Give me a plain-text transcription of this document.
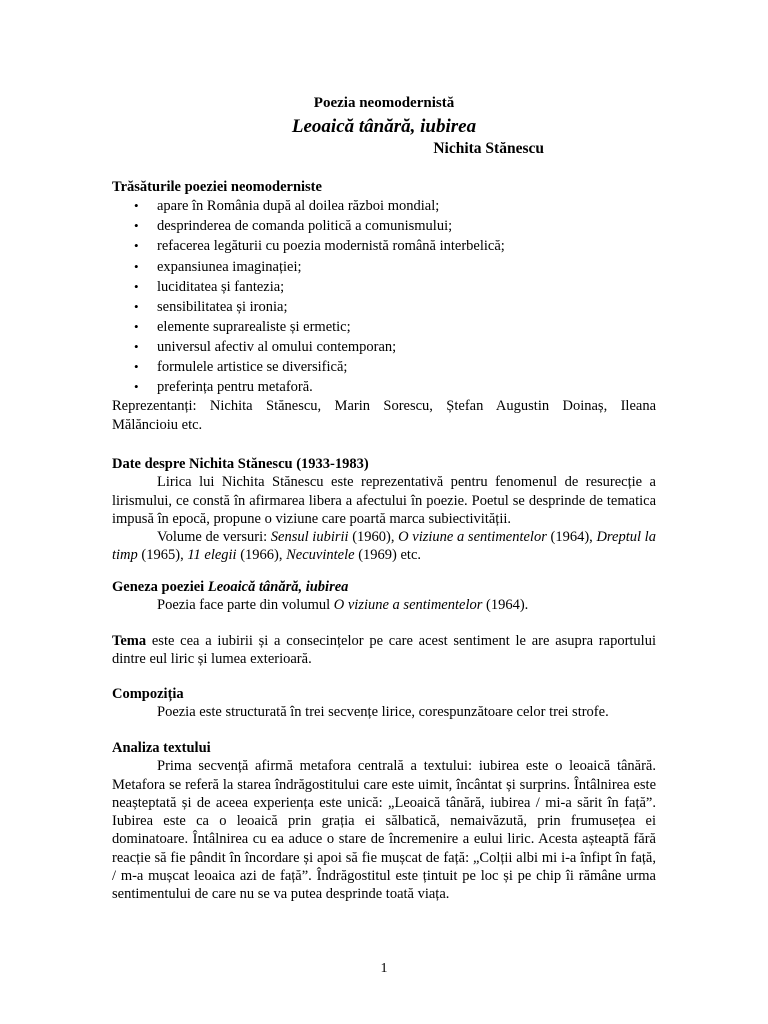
Poezia neomodernistă
Leoaică tânără, iubirea
Nichita Stănescu
Trăsăturile poeziei neomoderniste
• apare în România după al doilea război mondial;
• desprinderea de comanda politică a comunismului;
• refacerea legăturii cu poezia modernistă română interbelică;
• expansiunea imaginației;
• luciditatea și fantezia;
• sensibilitatea și ironia;
• elemente suprarealiste și ermetic;
• universul afectiv al omului contemporan;
• formulele artistice se diversifică;
• preferința pentru metaforă.
Reprezentanți: Nichita Stănescu, Marin Sorescu, Ștefan Augustin Doinaș, Ileana
Mălăncioiu etc.
Date despre Nichita Stănescu (1933-1983)

Lirica lui Nichita Stănescu este reprezentativă pentru fenomenul de resurecție a lirismului, ce constă în afirmarea libera a afectului în poezie. Poetul se desprinde de tematica impusă în epocă, propune o viziune care poartă marca subiectivității.

Volume de versuri: Sensul iubirii (1960), O viziune a sentimentelor (1964), Dreptul la timp (1965), 11 elegii (1966), Necuvintele (1969) etc.

Geneza poeziei Leoaică tânără, iubirea

Poezia face parte din volumul O viziune a sentimentelor (1964).

Tema este cea a iubirii și a consecințelor pe care acest sentiment le are asupra raportului dintre eul liric și lumea exterioară.

Compoziția

Poezia este structurată în trei secvențe lirice, corespunzătoare celor trei strofe.

Analiza textului

Prima secvență afirmă metafora centrală a textului: iubirea este o leoaică tânără. Metafora se referă la starea îndrăgostitului care este uimit, încântat și surprins. Întâlnirea este neașteptată și de aceea experiența este unică: „Leoaică tânără, iubirea / mi-a sărit în față”. Iubirea este ca o leoaică prin grația ei sălbatică, nemaivăzută, prin frumusețea ei dominatoare. Întâlnirea cu ea aduce o stare de încremenire a eului liric. Acesta așteaptă fără reacție să fie pândit în încordare și apoi să fie mușcat de față: „Colții albi mi i-a înfipt în față, / m-a mușcat leoaica azi de față”. Îndrăgostitul este țintuit pe loc și pe chip îi rămâne urma sentimentului de care nu se va putea desprinde toată viața.

1
